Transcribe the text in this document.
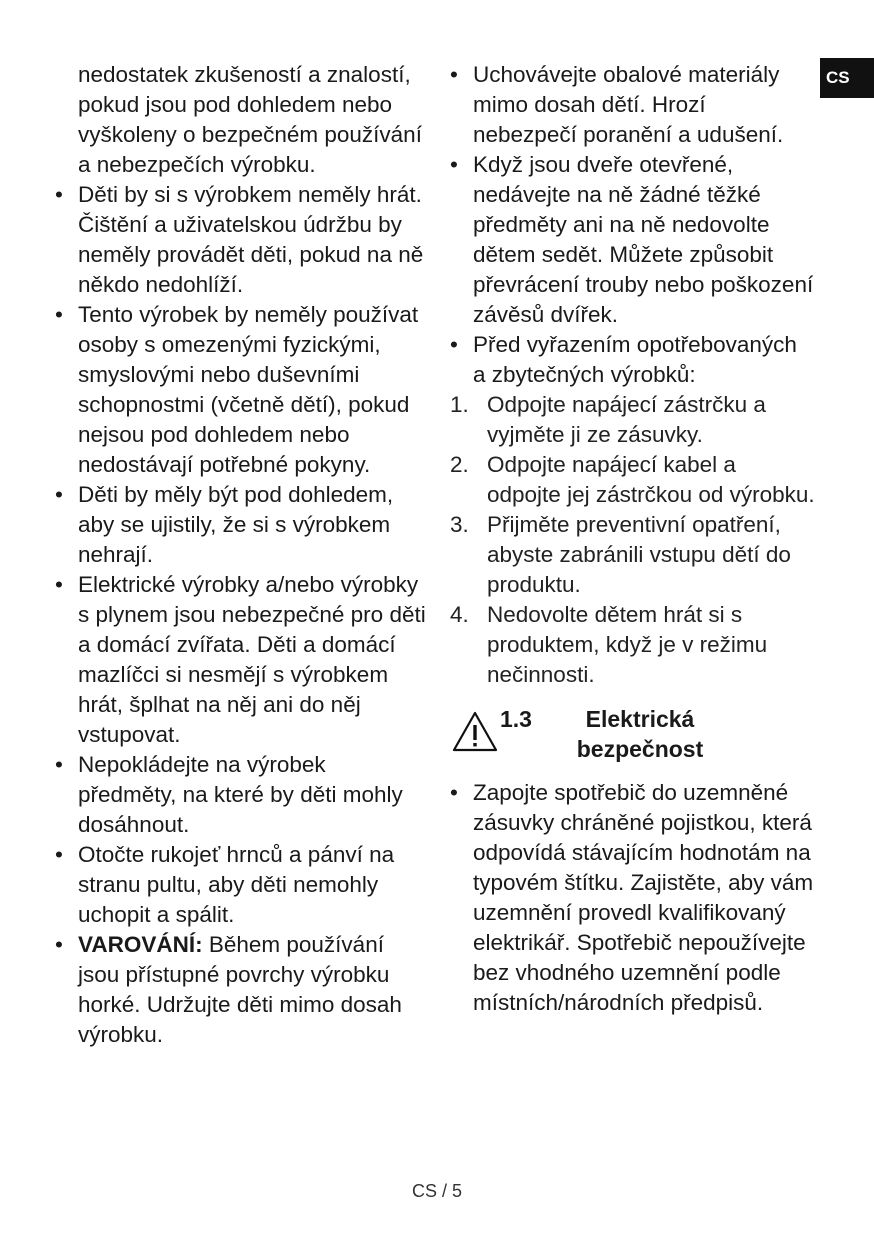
CS

nedostatek zkušeností a znalostí, pokud jsou pod dohledem nebo vyškoleny o bezpečném používání a nebezpečích výrobku.

• Děti by si s výrobkem neměly hrát. Čištění a uživatelskou údržbu by neměly provádět děti, pokud na ně někdo nedohlíží.
• Tento výrobek by neměly používat osoby s omezenými fyzickými, smyslovými nebo duševními schopnostmi (včetně dětí), pokud nejsou pod dohledem nebo nedostávají potřebné pokyny.
• Děti by měly být pod dohledem, aby se ujistily, že si s výrobkem nehrají.
• Elektrické výrobky a/nebo výrobky s plynem jsou nebezpečné pro děti a domácí zvířata. Děti a domácí mazlíčci si nesmějí s výrobkem hrát, šplhat na něj ani do něj vstupovat.
• Nepokládejte na výrobek předměty, na které by děti mohly dosáhnout.
• Otočte rukojeť hrnců a pánví na stranu pultu, aby děti nemohly uchopit a spálit.
• VAROVÁNÍ: Během používání jsou přístupné povrchy výrobku horké. Udržujte děti mimo dosah výrobku.
• Uchovávejte obalové materiály mimo dosah dětí. Hrozí nebezpečí poranění a udušení.
• Když jsou dveře otevřené, nedávejte na ně žádné těžké předměty ani na ně nedovolte dětem sedět. Můžete způsobit převrácení trouby nebo poškození závěsů dvířek.
• Před vyřazením opotřebovaných a zbytečných výrobků:
1. Odpojte napájecí zástrčku a vyjměte ji ze zásuvky.
2. Odpojte napájecí kabel a odpojte jej zástrčkou od výrobku.
3. Přijměte preventivní opatření, abyste zabránili vstupu dětí do produktu.
4. Nedovolte dětem hrát si s produktem, když je v režimu nečinnosti.
1.3	Elektrická bezpečnost
• Zapojte spotřebič do uzemněné zásuvky chráněné pojistkou, která odpovídá stávajícím hodnotám na typovém štítku. Zajistěte, aby vám uzemnění provedl kvalifikovaný elektrikář. Spotřebič nepoužívejte bez vhodného uzemnění podle místních/národních předpisů.
CS / 5
